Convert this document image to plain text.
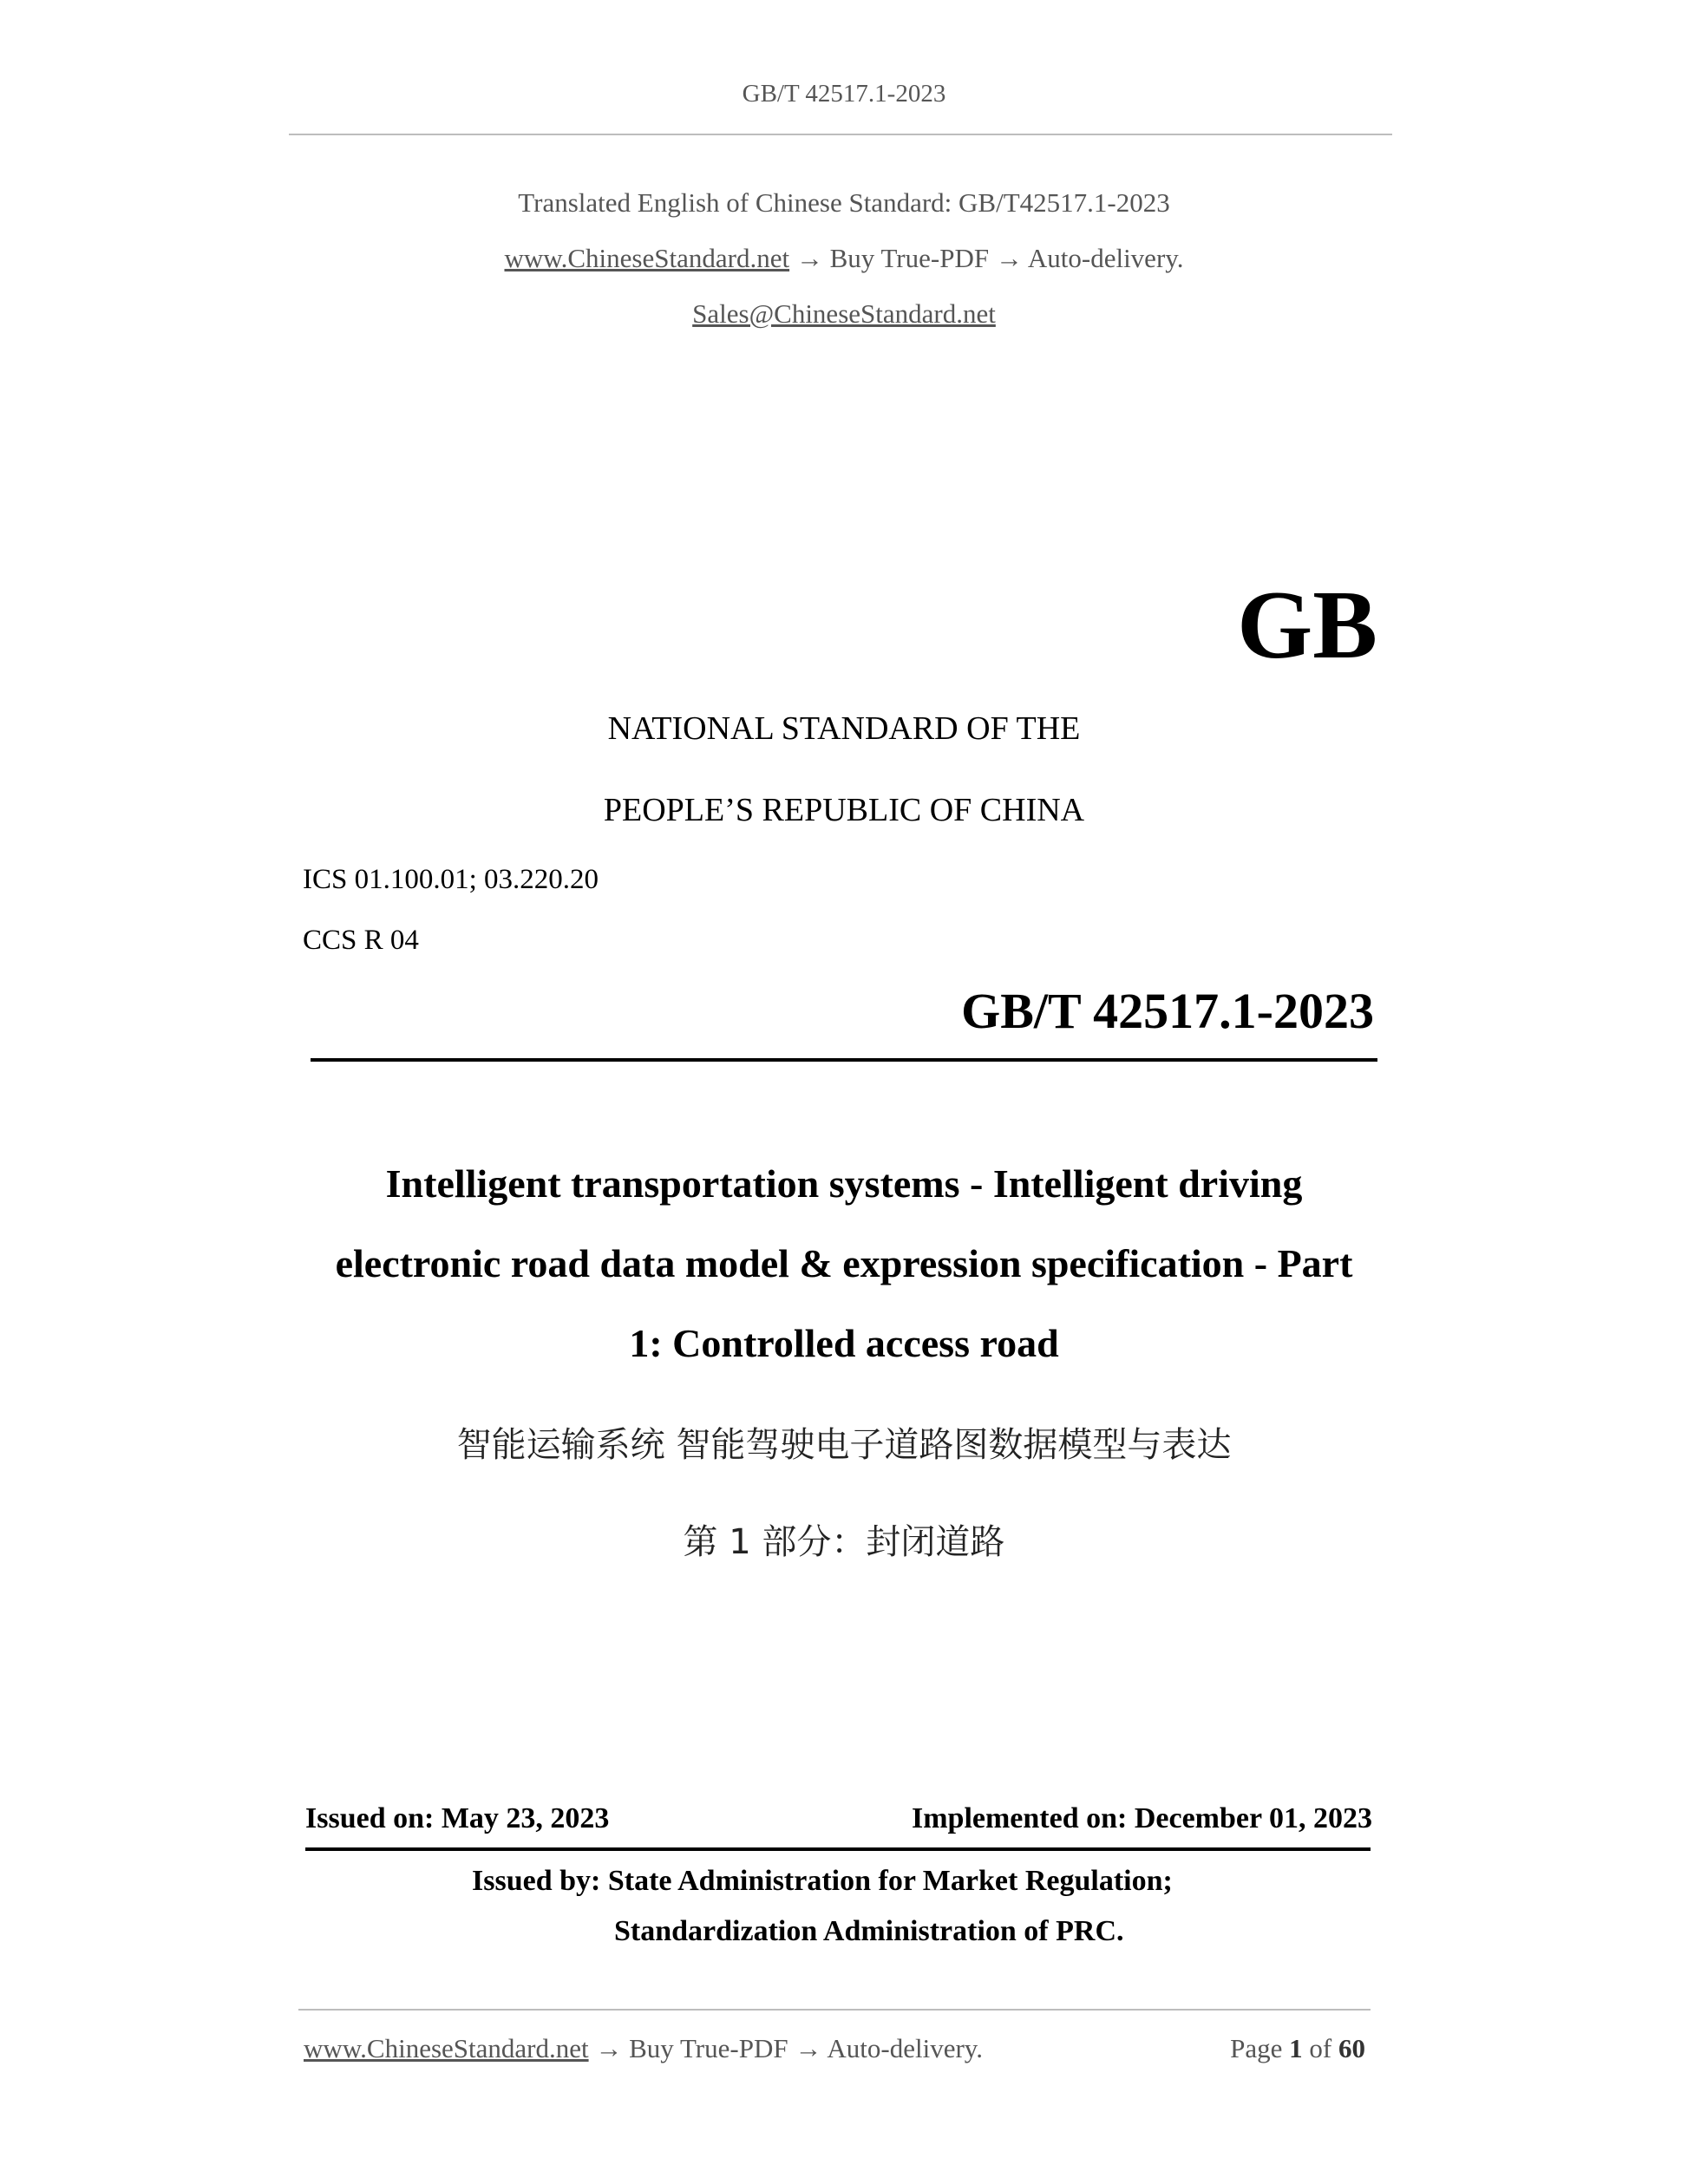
GB/T 42517.1-2023
Translated English of Chinese Standard: GB/T42517.1-2023
www.ChineseStandard.net → Buy True-PDF → Auto-delivery.
Sales@ChineseStandard.net
GB
NATIONAL STANDARD OF THE
PEOPLE’S REPUBLIC OF CHINA
ICS 01.100.01; 03.220.20
CCS R 04
GB/T 42517.1-2023
Intelligent transportation systems - Intelligent driving
electronic road data model & expression specification - Part
1: Controlled access road
智能运输系统 智能驾驶电子道路图数据模型与表达
第 1 部分：封闭道路
Issued on: May 23, 2023	Implemented on: December 01, 2023
Issued by: State Administration for Market Regulation;
Standardization Administration of PRC.
www.ChineseStandard.net → Buy True-PDF → Auto-delivery.	Page 1 of 60
